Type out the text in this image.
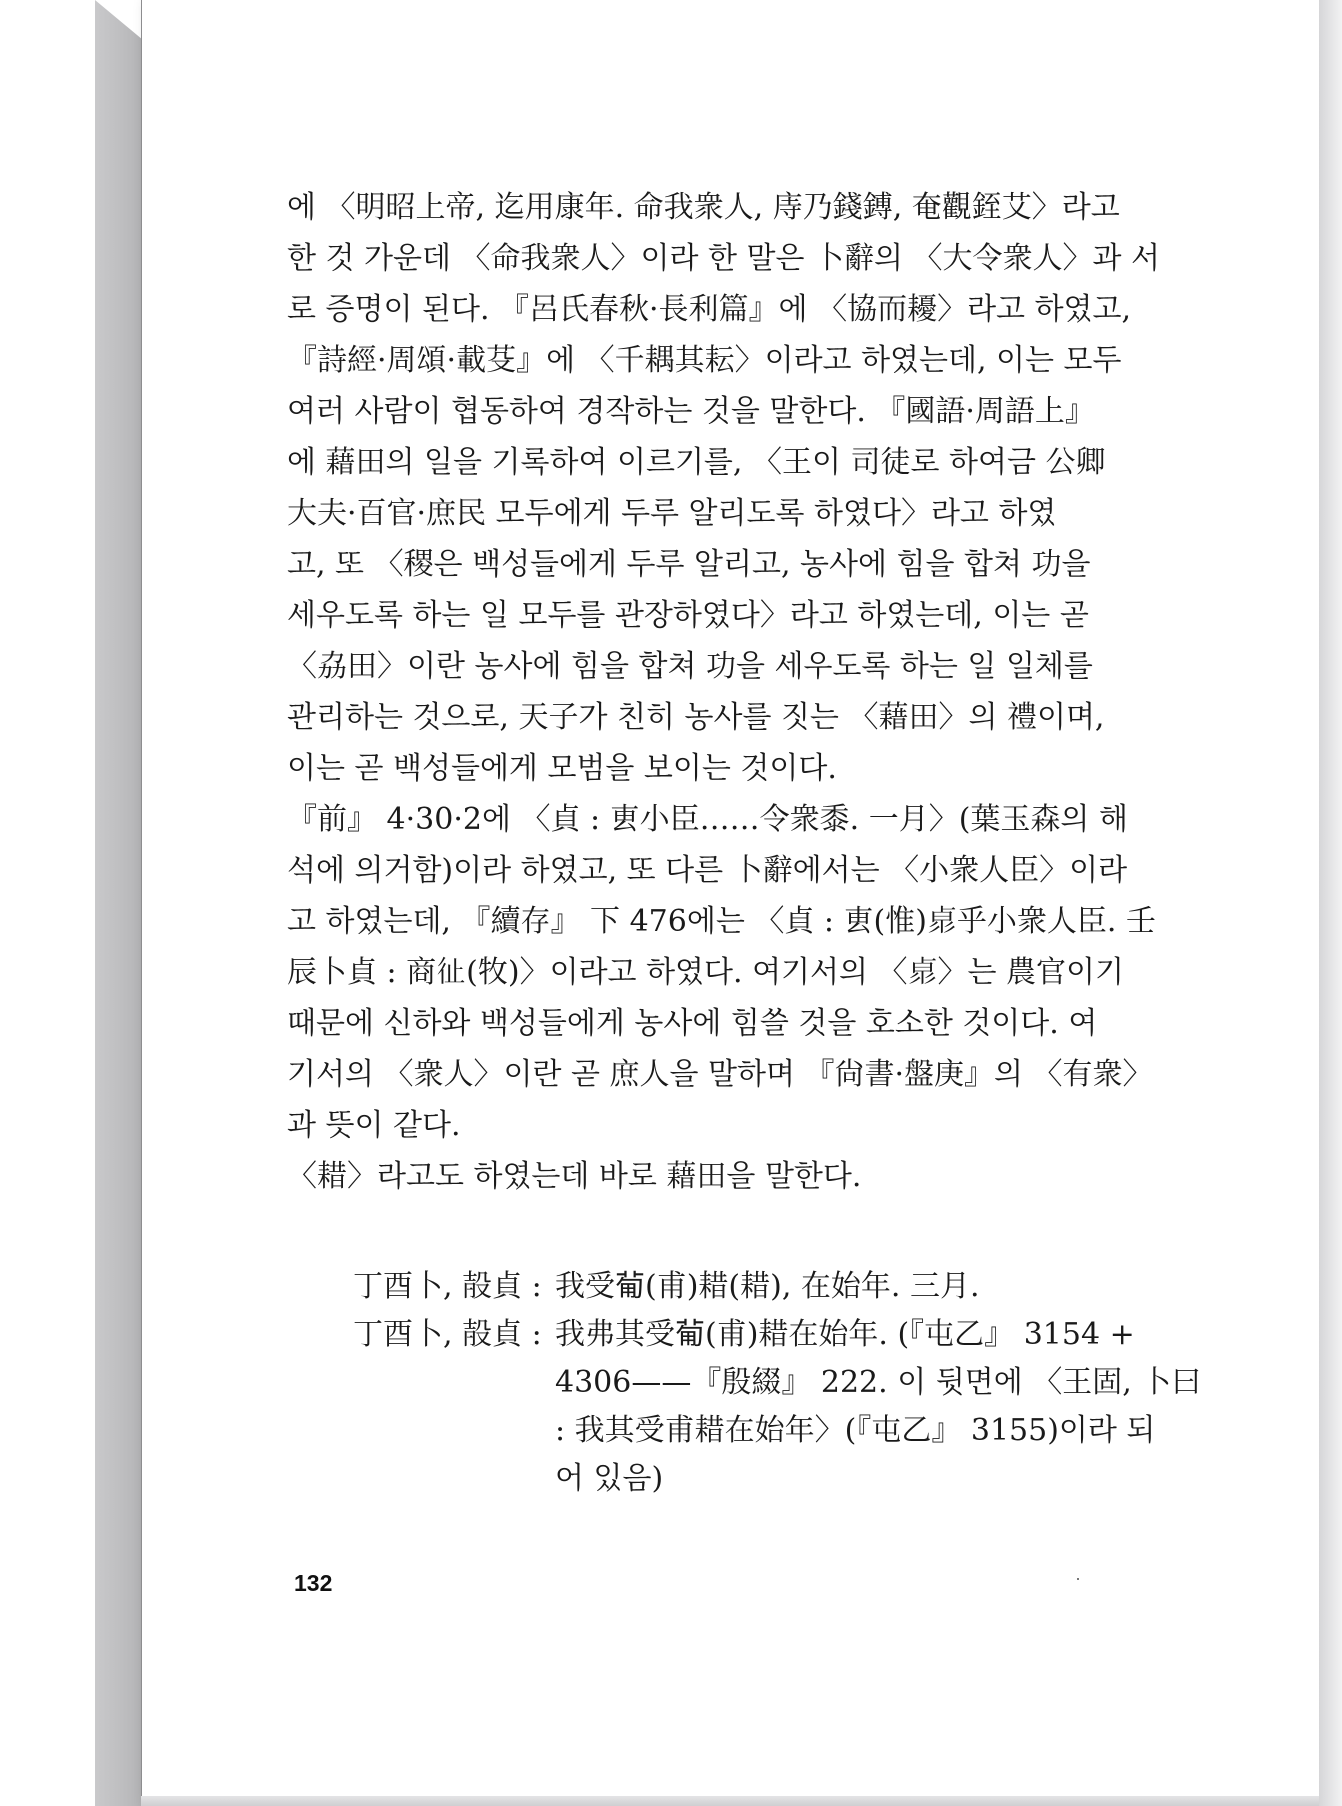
에 〈明昭上帝, 迄用康年. 命我衆人, 庤乃錢鎛, 奄觀銍艾〉라고
한 것 가운데 〈命我衆人〉이라 한 말은 卜辭의 〈大令衆人〉과 서
로 증명이 된다. 『呂氏春秋·長利篇』에 〈協而耰〉라고 하였고,
『詩經·周頌·載芟』에 〈千耦其耘〉이라고 하였는데, 이는 모두
여러 사람이 협동하여 경작하는 것을 말한다. 『國語·周語上』
에 藉田의 일을 기록하여 이르기를, 〈王이 司徒로 하여금 公卿
大夫·百官·庶民 모두에게 두루 알리도록 하였다〉라고 하였
고, 또 〈稷은 백성들에게 두루 알리고, 농사에 힘을 합쳐 功을
세우도록 하는 일 모두를 관장하였다〉라고 하였는데, 이는 곧
〈劦田〉이란 농사에 힘을 합쳐 功을 세우도록 하는 일 일체를
관리하는 것으로, 天子가 친히 농사를 짓는 〈藉田〉의 禮이며,
이는 곧 백성들에게 모범을 보이는 것이다.
『前』 4·30·2에 〈貞 : 叀小臣……令衆黍. 一月〉(葉玉森의 해
석에 의거함)이라 하였고, 또 다른 卜辭에서는 〈小衆人臣〉이라
고 하였는데, 『續存』 下 476에는 〈貞 : 叀(惟)𠧻乎小衆人臣. 壬
辰卜貞 : 商𢓊(牧)〉이라고 하였다. 여기서의 〈𠧻〉는 農官이기
때문에 신하와 백성들에게 농사에 힘쓸 것을 호소한 것이다. 여
기서의 〈衆人〉이란 곧 庶人을 말하며 『尙書·盤庚』의 〈有衆〉
과 뜻이 같다.
〈耤〉라고도 하였는데 바로 藉田을 말한다.
丁酉卜, 㱿貞 : 我受𤰈(甫)耤(耤), 在始年. 三月.
丁酉卜, 㱿貞 : 我弗其受𤰈(甫)耤在始年. (『屯乙』 3154 +
4306——『殷綴』 222. 이 뒷면에 〈王固, 卜曰
: 我其受甫耤在始年〉(『屯乙』 3155)이라 되
어 있음)
132
